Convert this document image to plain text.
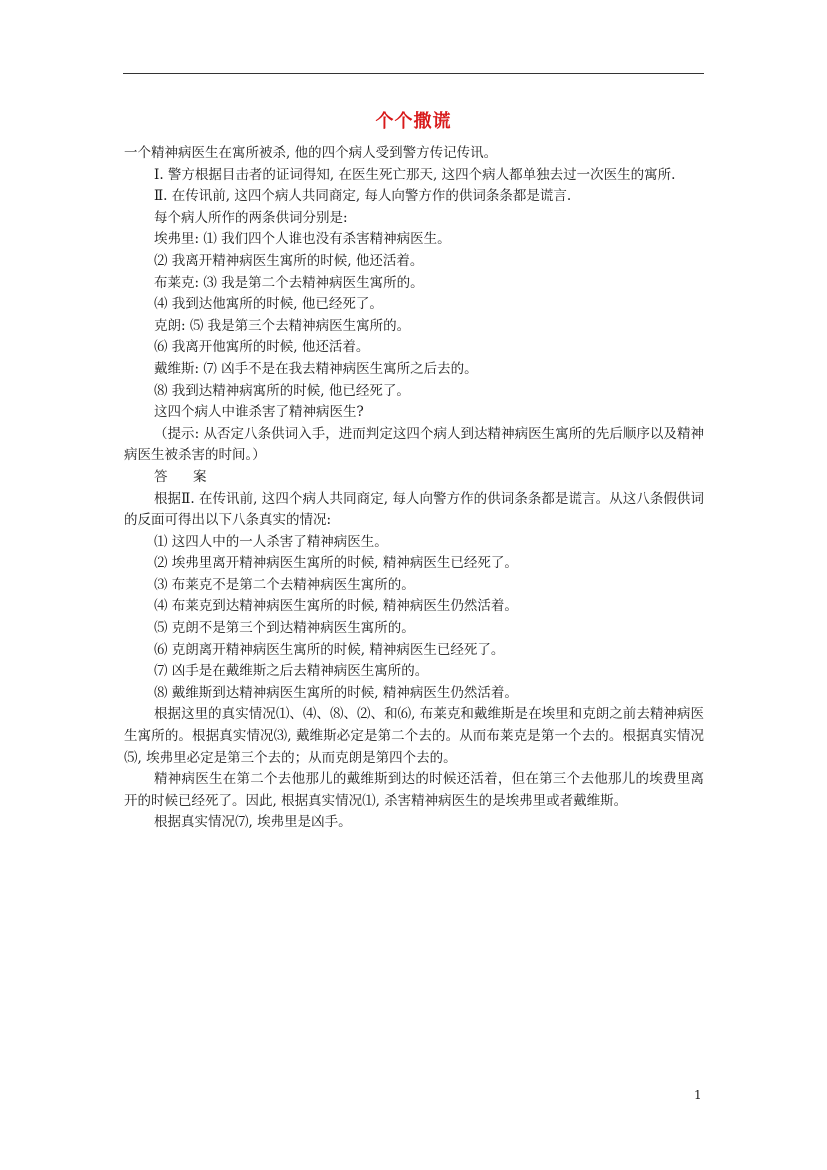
个个撒谎

一个精神病医生在寓所被杀, 他的四个病人受到警方传记传讯。

Ⅰ. 警方根据目击者的证词得知, 在医生死亡那天, 这四个病人都单独去过一次医生的寓所.

Ⅱ. 在传讯前, 这四个病人共同商定, 每人向警方作的供词条条都是谎言.

每个病人所作的两条供词分别是:

埃弗里: ⑴ 我们四个人谁也没有杀害精神病医生。

⑵ 我离开精神病医生寓所的时候, 他还活着。

布莱克: ⑶ 我是第二个去精神病医生寓所的。

⑷ 我到达他寓所的时候, 他已经死了。

克朗: ⑸ 我是第三个去精神病医生寓所的。

⑹ 我离开他寓所的时候, 他还活着。

戴维斯: ⑺ 凶手不是在我去精神病医生寓所之后去的。

⑻ 我到达精神病寓所的时候, 他已经死了。

这四个病人中谁杀害了精神病医生?

（提示: 从否定八条供词入手，进而判定这四个病人到达精神病医生寓所的先后顺序以及精神病医生被杀害的时间。）

答　案

根据Ⅱ. 在传讯前, 这四个病人共同商定, 每人向警方作的供词条条都是谎言。从这八条假供词的反面可得出以下八条真实的情况:

⑴ 这四人中的一人杀害了精神病医生。

⑵ 埃弗里离开精神病医生寓所的时候, 精神病医生已经死了。

⑶ 布莱克不是第二个去精神病医生寓所的。

⑷ 布莱克到达精神病医生寓所的时候, 精神病医生仍然活着。

⑸ 克朗不是第三个到达精神病医生寓所的。

⑹ 克朗离开精神病医生寓所的时候, 精神病医生已经死了。

⑺ 凶手是在戴维斯之后去精神病医生寓所的。

⑻ 戴维斯到达精神病医生寓所的时候, 精神病医生仍然活着。

根据这里的真实情况⑴、⑷、⑻、⑵、和⑹, 布莱克和戴维斯是在埃里和克朗之前去精神病医生寓所的。根据真实情况⑶, 戴维斯必定是第二个去的。从而布莱克是第一个去的。根据真实情况⑸, 埃弗里必定是第三个去的；从而克朗是第四个去的。

精神病医生在第二个去他那儿的戴维斯到达的时候还活着，但在第三个去他那儿的埃费里离开的时候已经死了。因此, 根据真实情况⑴, 杀害精神病医生的是埃弗里或者戴维斯。

根据真实情况⑺, 埃弗里是凶手。

1
